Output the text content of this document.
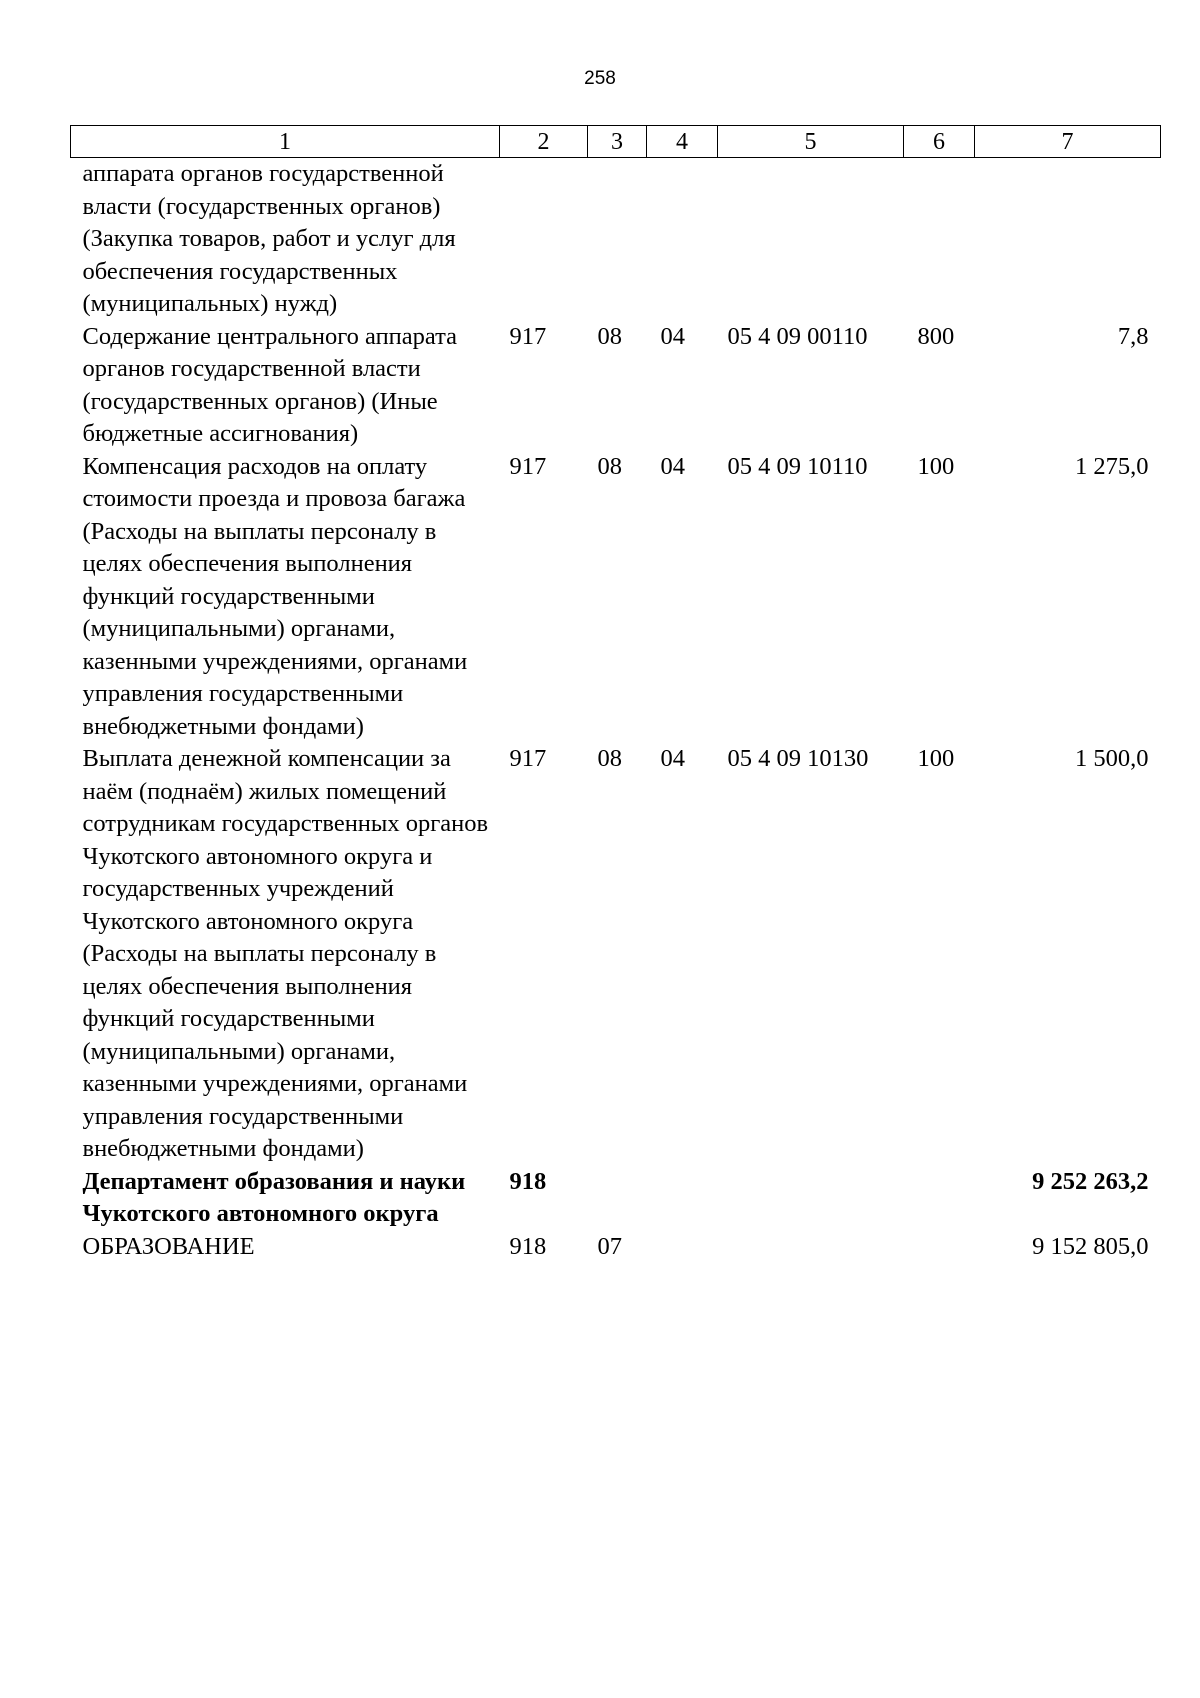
258
1	2	3	4	5	6	7
аппарата органов государственной власти (государственных органов) (Закупка товаров, работ и услуг для обеспечения государственных (муниципальных) нужд)						
Содержание центрального аппарата органов государственной власти (государственных органов) (Иные бюджетные ассигнования)	917	08	04	05 4 09 00110	800	7,8
Компенсация расходов на оплату стоимости проезда и провоза багажа (Расходы на выплаты персоналу в целях обеспечения выполнения функций государственными (муниципальными) органами, казенными учреждениями, органами управления государственными внебюджетными фондами)	917	08	04	05 4 09 10110	100	1 275,0
Выплата денежной компенсации за наём (поднаём) жилых помещений сотрудникам государственных органов Чукотского автономного округа и государственных учреждений Чукотского автономного округа (Расходы на выплаты персоналу в целях обеспечения выполнения функций государственными (муниципальными) органами, казенными учреждениями, органами управления государственными внебюджетными фондами)	917	08	04	05 4 09 10130	100	1 500,0
Департамент образования и науки Чукотского автономного округа	918					9 252 263,2
ОБРАЗОВАНИЕ	918	07				9 152 805,0
